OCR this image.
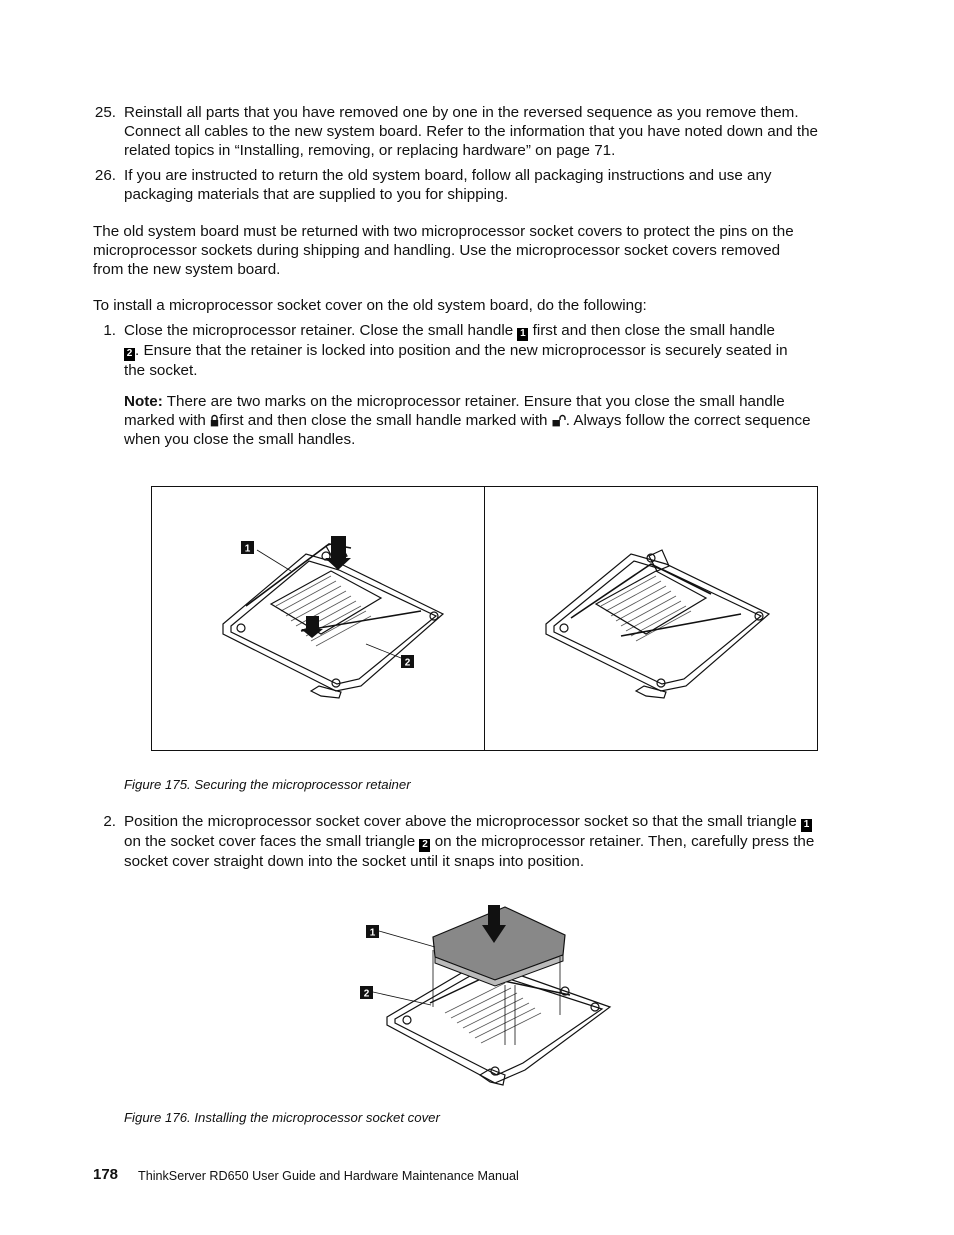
25. Reinstall all parts that you have removed one by one in the reversed sequence as you remove them.
Connect all cables to the new system board. Refer to the information that you have noted down and the
related topics in “Installing, removing, or replacing hardware” on page 71.
26. If you are instructed to return the old system board, follow all packaging instructions and use any
packaging materials that are supplied to you for shipping.
The old system board must be returned with two microprocessor socket covers to protect the pins on the
microprocessor sockets during shipping and handling. Use the microprocessor socket covers removed
from the new system board.
To install a microprocessor socket cover on the old system board, do the following:
1. Close the microprocessor retainer. Close the small handle 1 first and then close the small handle
2 . Ensure that the retainer is locked into position and the new microprocessor is securely seated in
the socket.
Note: There are two marks on the microprocessor retainer. Ensure that you close the small handle
marked with first and then close the small handle marked with . Always follow the correct sequence
when you close the small handles.
1
2
Figure 175. Securing the microprocessor retainer
2. Position the microprocessor socket cover above the microprocessor socket so that the small triangle 1
on the socket cover faces the small triangle 2 on the microprocessor retainer. Then, carefully press the
socket cover straight down into the socket until it snaps into position.
1
2
Figure 176. Installing the microprocessor socket cover
178 ThinkServer RD650 User Guide and Hardware Maintenance Manual
